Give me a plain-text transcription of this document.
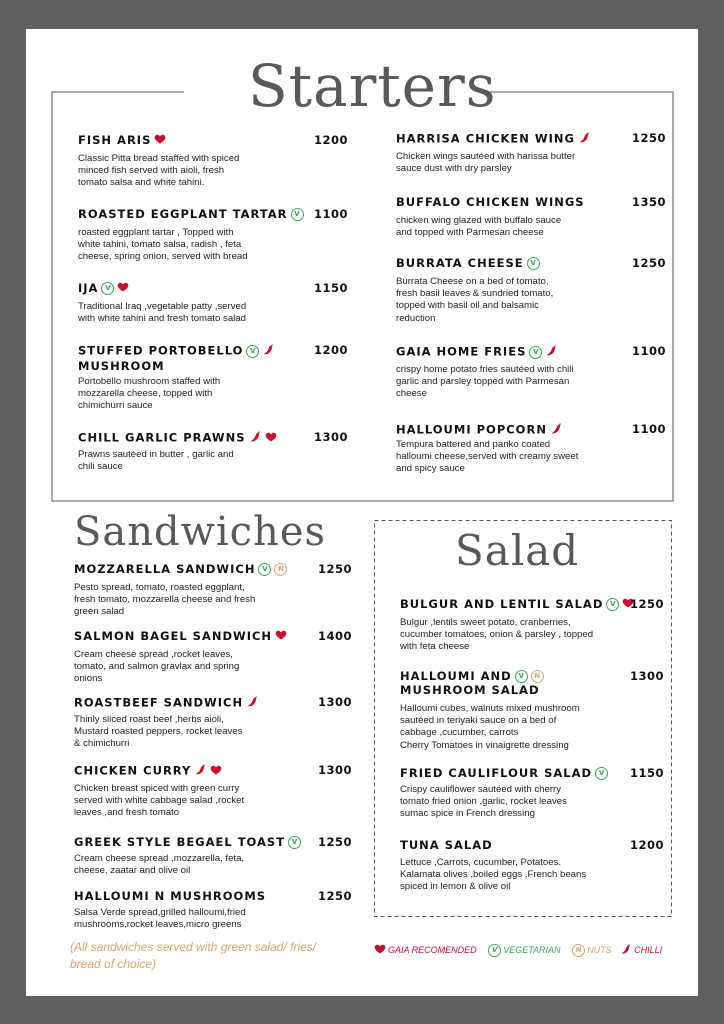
Starters
FISH ARIS	1200
Classic Pitta bread staffed with spiced
minced fish served with aioli, fresh
tomato salsa and white tahini.
ROASTED EGGPLANT TARTAR V	1100
roasted eggplant tartar , Topped with
white tahini, tomato salsa, radish , feta
cheese, spring onion, served with bread
IJA V	1150
Traditional Iraq ,vegetable patty ,served
with white tahini and fresh tomato salad
STUFFED PORTOBELLO V
MUSHROOM
1200
Portobello mushroom staffed with
mozzarella cheese, topped with
chimichurri sauce
CHILL GARLIC PRAWNS	1300
Prawns sautéed in butter , garlic and
chili sauce
HARRISA CHICKEN WING	1250
Chicken wings sautéed with harissa butter
sauce dust with dry parsley
BUFFALO CHICKEN WINGS	1350
chicken wing glazed with buffalo sauce
and topped with Parmesan cheese
BURRATA CHEESE V	1250
Burrata Cheese on a bed of tomato,
fresh basil leaves & sundried tomato,
topped with basil oil and balsamic
reduction
GAIA HOME FRIES V	1100
crispy home potato fries sautéed with chili
garlic and parsley topped with Parmesan
cheese
HALLOUMI POPCORN	1100
Tempura battered and panko coated
halloumi cheese,served with creamy sweet
and spicy sauce
Sandwiches
MOZZARELLA SANDWICH V N	1250
Pesto spread, tomato, roasted eggplant,
fresh tomato, mozzarella cheese and fresh
green salad
SALMON BAGEL SANDWICH	1400
Cream cheese spread ,rocket leaves,
tomato, and salmon gravlax and spring
onions
ROASTBEEF SANDWICH	1300
Thinly sliced roast beef ,herbs aioli,
Mustard roasted peppers, rocket leaves
& chimichurri
CHICKEN CURRY	1300
Chicken breast spiced with green curry
served with white cabbage salad ,rocket
leaves ,and fresh tomato
GREEK STYLE BEGAEL TOAST V	1250
Cream cheese spread ,mozzarella, feta,
cheese, zaatar and olive oil
HALLOUMI N MUSHROOMS	1250
Salsa Verde spread,grilled halloumi,fried
mushrooms,rocket leaves,micro greens
Salad
BULGUR AND LENTIL SALAD V	1250
Bulgur ,lentils sweet potato, cranberries,
cucumber tomatoes, onion & parsley , topped
with feta cheese
HALLOUMI AND V N
MUSHROOM SALAD
1300
Halloumi cubes, walnuts mixed mushroom
sautéed in teriyaki sauce on a bed of
cabbage ,cucumber, carrots
Cherry Tomatoes in vinaigrette dressing
FRIED CAULIFLOUR SALAD V	1150
Crispy cauliflower sautéed with cherry
tomato fried onion ,garlic, rocket leaves
sumac spice in French dressing
TUNA SALAD	1200
Lettuce ,Carrots, cucumber, Potatoes.
Kalamata olives ,boiled eggs ,French beans
spiced in lemon & olive oil
(All sandwiches served with green salad/ fries/ bread of choice)
GAIA RECOMENDED V VEGETARIAN N NUTS	CHILLI
